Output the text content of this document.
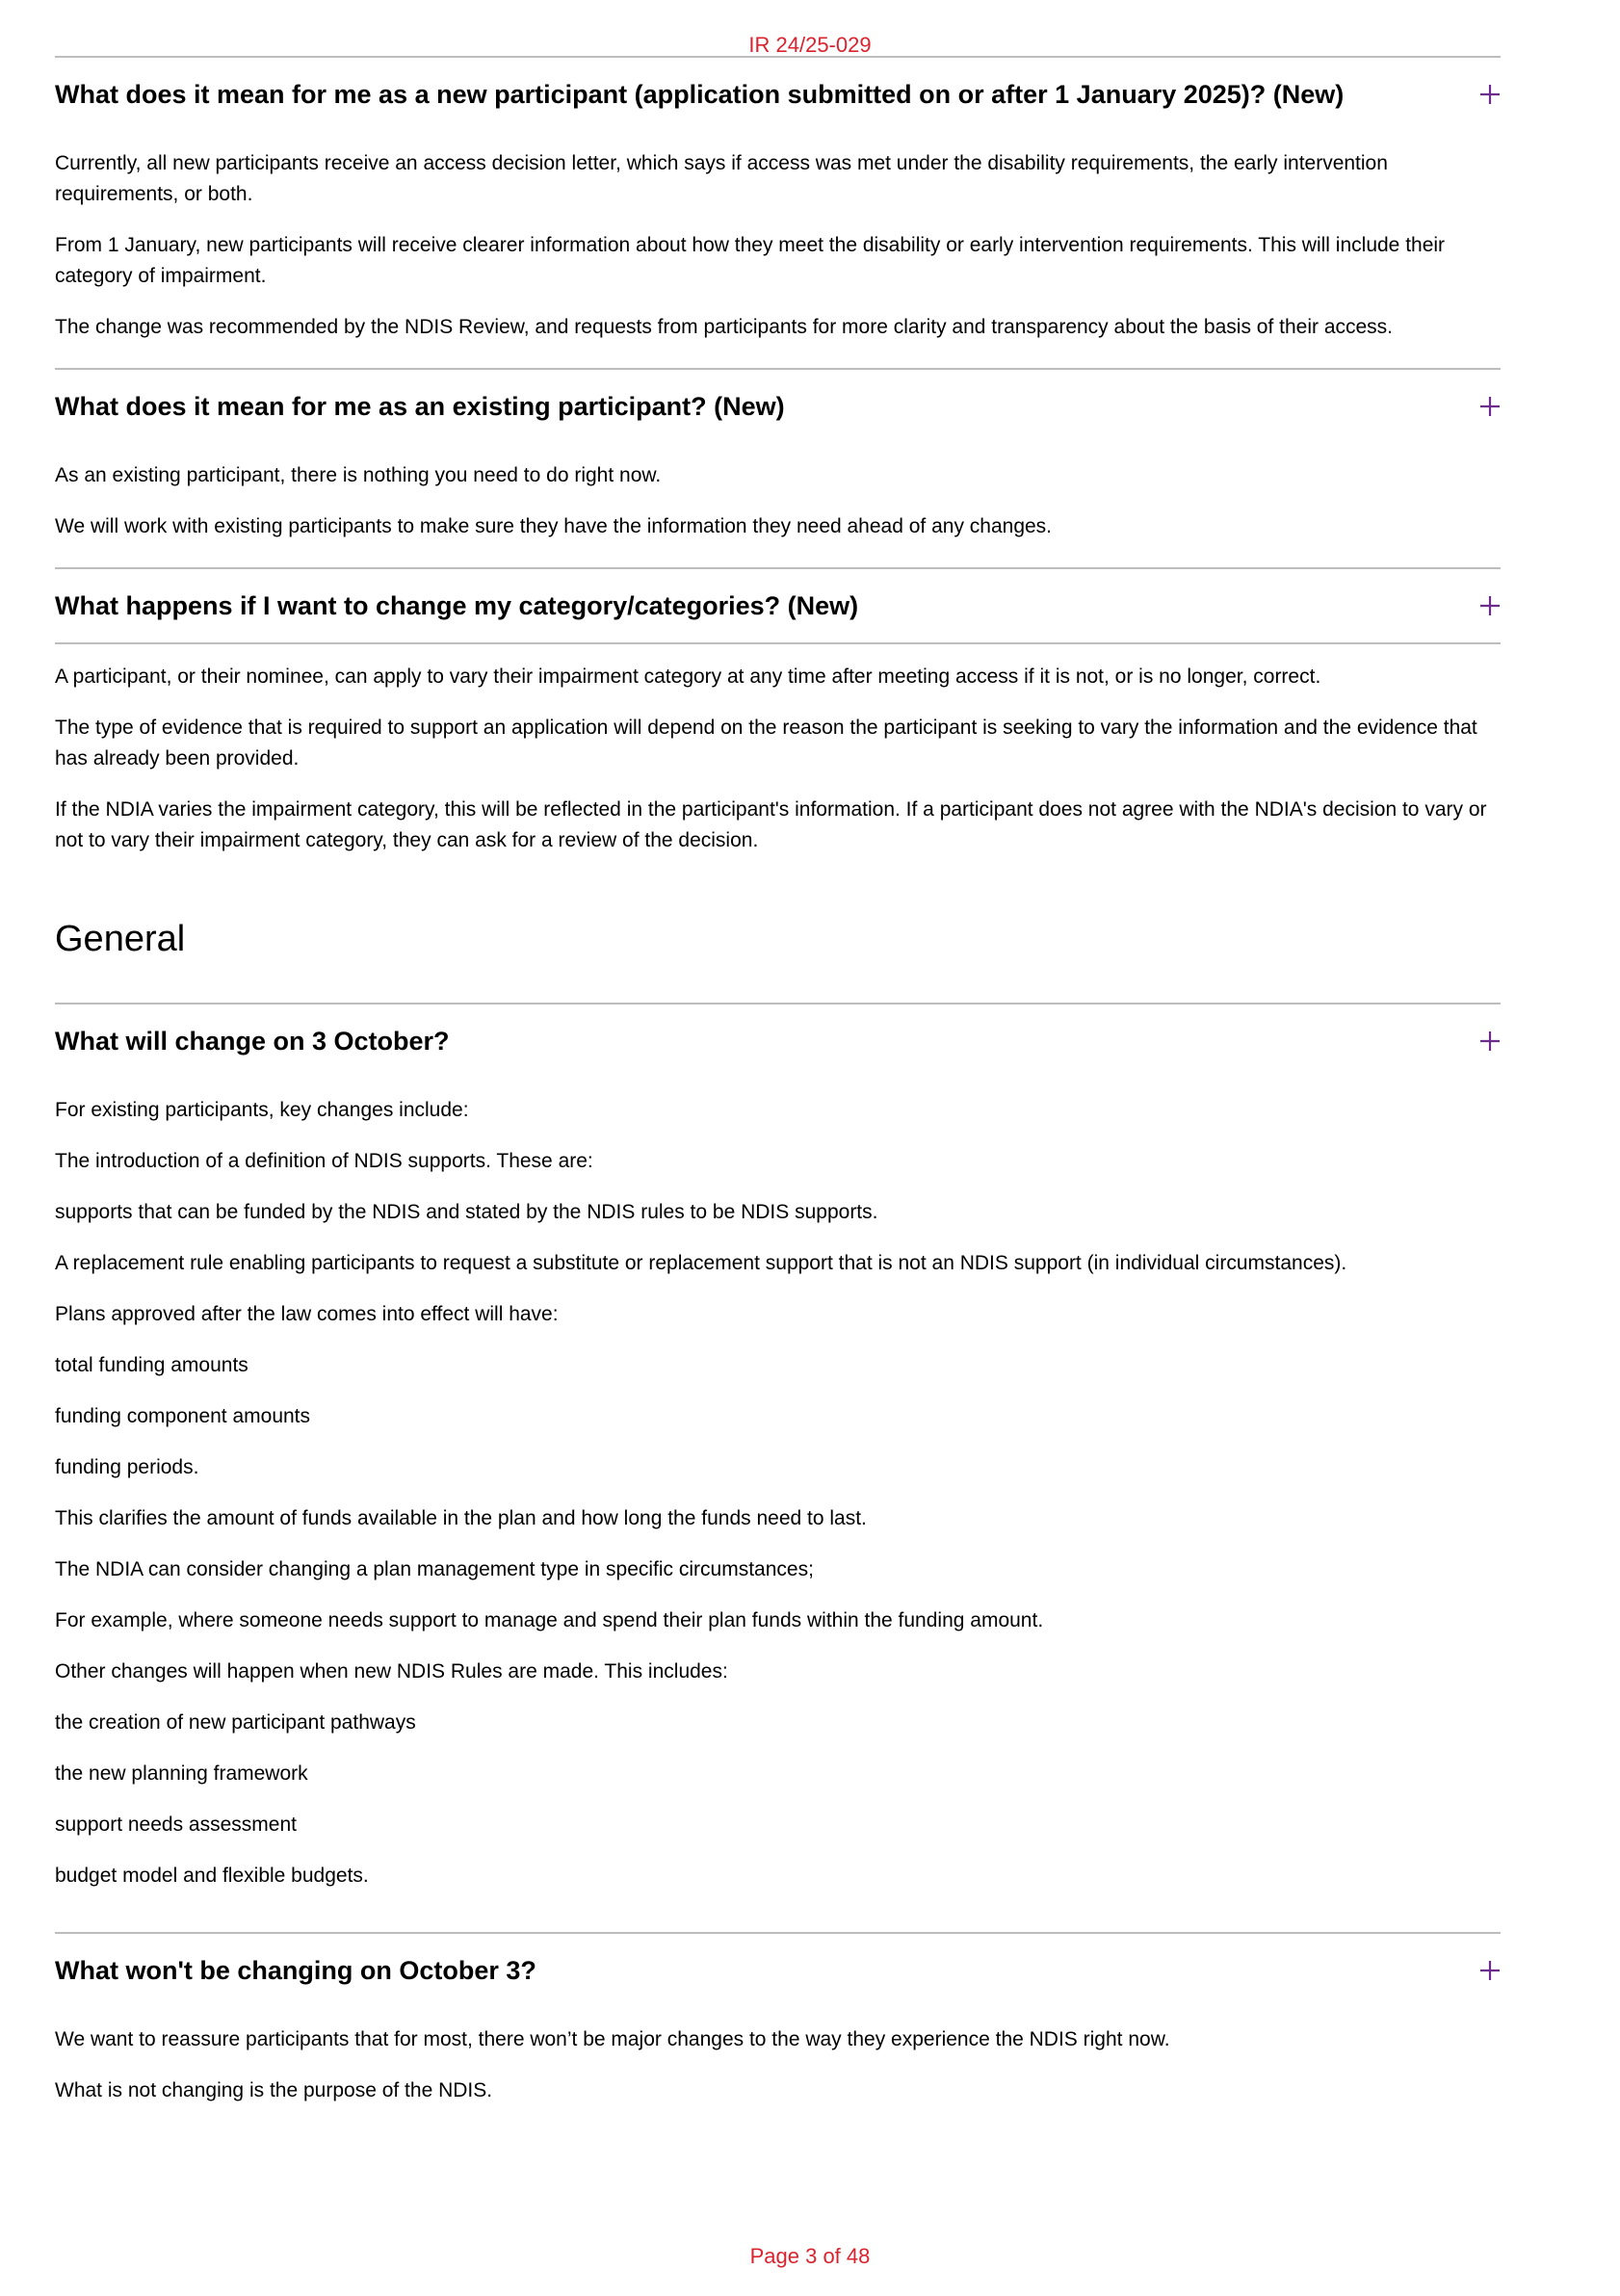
IR 24/25-029
What does it mean for me as a new participant (application submitted on or after 1 January 2025)? (New)

Currently, all new participants receive an access decision letter, which says if access was met under the disability requirements, the early intervention requirements, or both.

From 1 January, new participants will receive clearer information about how they meet the disability or early intervention requirements. This will include their category of impairment.

The change was recommended by the NDIS Review, and requests from participants for more clarity and transparency about the basis of their access.

What does it mean for me as an existing participant? (New)

As an existing participant, there is nothing you need to do right now.

We will work with existing participants to make sure they have the information they need ahead of any changes.

What happens if I want to change my category/categories? (New)

A participant, or their nominee, can apply to vary their impairment category at any time after meeting access if it is not, or is no longer, correct.

The type of evidence that is required to support an application will depend on the reason the participant is seeking to vary the information and the evidence that has already been provided.

If the NDIA varies the impairment category, this will be reflected in the participant's information. If a participant does not agree with the NDIA's decision to vary or not to vary their impairment category, they can ask for a review of the decision.

General
What will change on 3 October?

For existing participants, key changes include:

The introduction of a definition of NDIS supports. These are:

supports that can be funded by the NDIS and stated by the NDIS rules to be NDIS supports.

A replacement rule enabling participants to request a substitute or replacement support that is not an NDIS support (in individual circumstances).

Plans approved after the law comes into effect will have:

total funding amounts

funding component amounts

funding periods.

This clarifies the amount of funds available in the plan and how long the funds need to last.

The NDIA can consider changing a plan management type in specific circumstances;

For example, where someone needs support to manage and spend their plan funds within the funding amount.

Other changes will happen when new NDIS Rules are made. This includes:

the creation of new participant pathways

the new planning framework

support needs assessment

budget model and flexible budgets.

What won't be changing on October 3?

We want to reassure participants that for most, there won’t be major changes to the way they experience the NDIS right now.

What is not changing is the purpose of the NDIS.

Page 3 of 48
